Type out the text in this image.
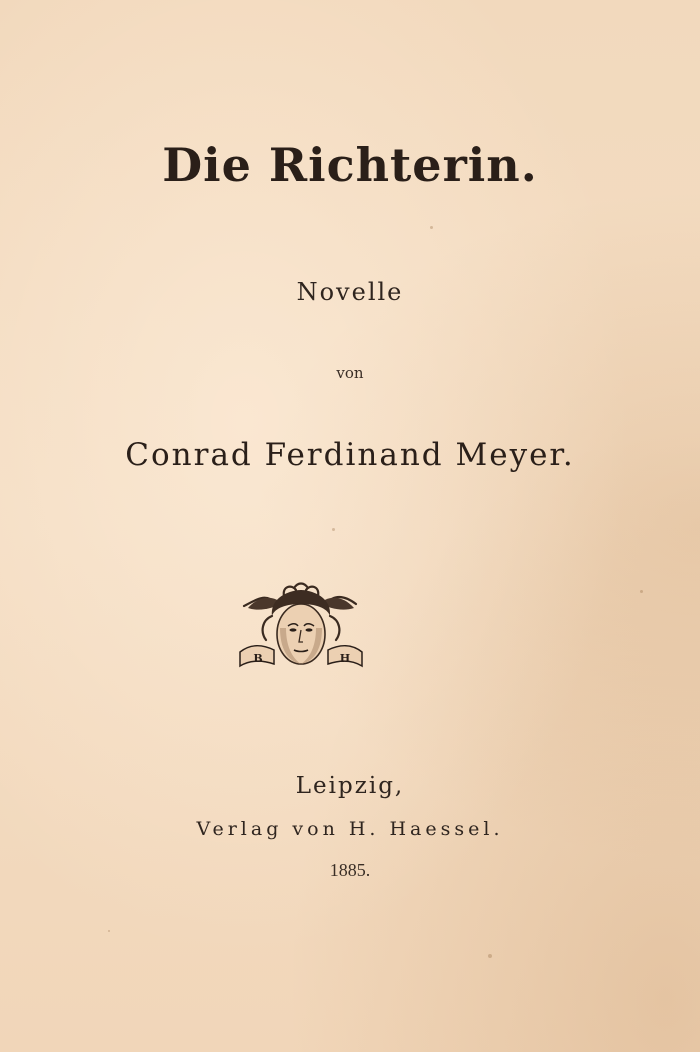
Die Richterin.
Novelle
von
Conrad Ferdinand Meyer.
B	H
Leipzig,
Verlag von H. Haessel.
1885.
